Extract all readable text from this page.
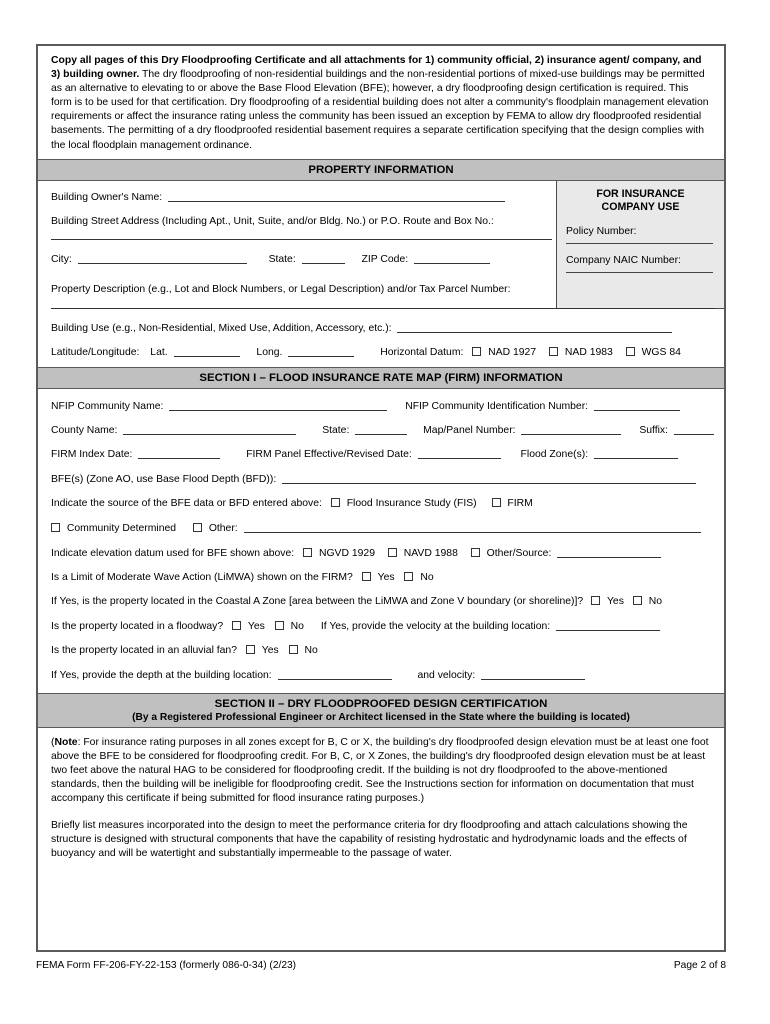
Copy all pages of this Dry Floodproofing Certificate and all attachments for 1) community official, 2) insurance agent/ company, and 3) building owner. The dry floodproofing of non-residential buildings and the non-residential portions of mixed-use buildings may be permitted as an alternative to elevating to or above the Base Flood Elevation (BFE); however, a dry floodproofing design certification is required. This form is to be used for that certification. Dry floodproofing of a residential building does not alter a community's floodplain management elevation requirements or affect the insurance rating unless the community has been issued an exception by FEMA to allow dry floodproofed residential basements. The permitting of a dry floodproofed residential basement requires a separate certification specifying that the design complies with the local floodplain management ordinance.
PROPERTY INFORMATION
FOR INSURANCE
COMPANY USE
Policy Number:
Company NAIC Number:
Building Owner's Name:
Building Street Address (Including Apt., Unit, Suite, and/or Bldg. No.) or P.O. Route and Box No.:
City:	State:	ZIP Code:
Property Description (e.g., Lot and Block Numbers, or Legal Description) and/or Tax Parcel Number:
Building Use (e.g., Non-Residential, Mixed Use, Addition, Accessory, etc.):
Latitude/Longitude: Lat.	Long.	Horizontal Datum: NAD 1927	NAD 1983	WGS 84
SECTION I – FLOOD INSURANCE RATE MAP (FIRM) INFORMATION
NFIP Community Name:	NFIP Community Identification Number:
County Name:	State:	Map/Panel Number:	Suffix:
FIRM Index Date:	FIRM Panel Effective/Revised Date:	Flood Zone(s):
BFE(s) (Zone AO, use Base Flood Depth (BFD)):
Indicate the source of the BFE data or BFD entered above: Flood Insurance Study (FIS)	FIRM
Community Determined	Other:
Indicate elevation datum used for BFE shown above: NGVD 1929	NAVD 1988	Other/Source:
Is a Limit of Moderate Wave Action (LiMWA) shown on the FIRM? Yes No
If Yes, is the property located in the Coastal A Zone [area between the LiMWA and Zone V boundary (or shoreline)]? Yes No
Is the property located in a floodway? Yes No If Yes, provide the velocity at the building location:
Is the property located in an alluvial fan? Yes No
If Yes, provide the depth at the building location:	and velocity:
SECTION II – DRY FLOODPROOFED DESIGN CERTIFICATION
(By a Registered Professional Engineer or Architect licensed in the State where the building is located)
(Note: For insurance rating purposes in all zones except for B, C or X, the building's dry floodproofed design elevation must be at least one foot above the BFE to be considered for floodproofing credit. For B, C, or X Zones, the building's dry floodproofed design elevation must be at least two feet above the natural HAG to be considered for floodproofing credit. If the building is not dry floodproofed to the above-mentioned standards, then the building will be ineligible for floodproofing credit. See the Instructions section for information on documentation that must accompany this certificate if being submitted for flood insurance rating purposes.)
Briefly list measures incorporated into the design to meet the performance criteria for dry floodproofing and attach calculations showing the structure is designed with structural components that have the capability of resisting hydrostatic and hydrodynamic loads and the effects of buoyancy and will be watertight and substantially impermeable to the passage of water.
FEMA Form FF-206-FY-22-153 (formerly 086-0-34) (2/23)	Page 2 of 8
